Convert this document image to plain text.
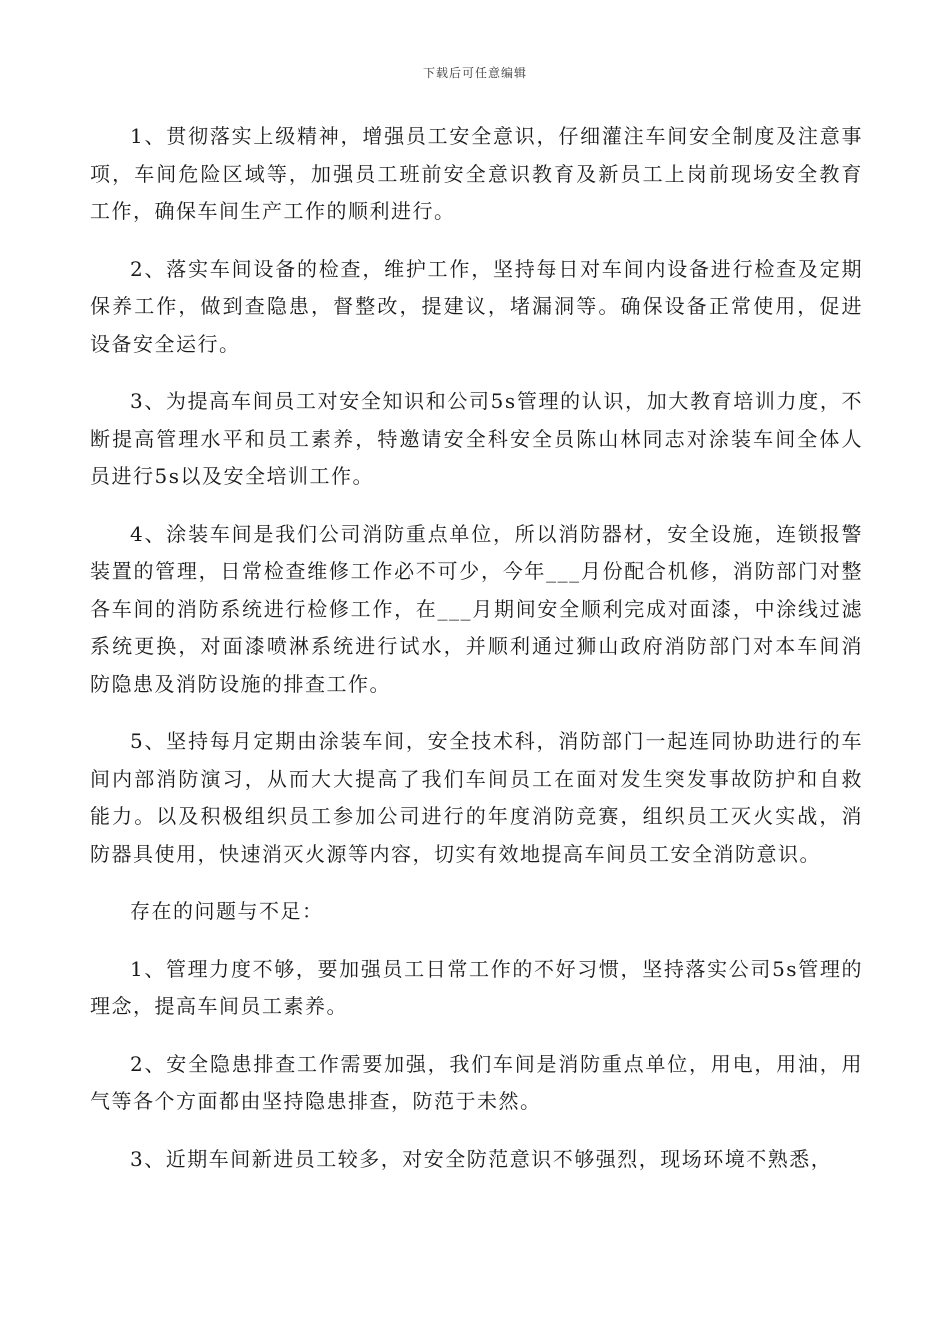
下载后可任意编辑

1、贯彻落实上级精神，增强员工安全意识，仔细灌注车间安全制度及注意事项，车间危险区域等，加强员工班前安全意识教育及新员工上岗前现场安全教育工作，确保车间生产工作的顺利进行。

2、落实车间设备的检查，维护工作，坚持每日对车间内设备进行检查及定期保养工作，做到查隐患，督整改，提建议，堵漏洞等。确保设备正常使用，促进设备安全运行。

3、为提高车间员工对安全知识和公司5s管理的认识，加大教育培训力度，不断提高管理水平和员工素养，特邀请安全科安全员陈山林同志对涂装车间全体人员进行5s以及安全培训工作。

4、涂装车间是我们公司消防重点单位，所以消防器材，安全设施，连锁报警装置的管理，日常检查维修工作必不可少，今年___月份配合机修，消防部门对整各车间的消防系统进行检修工作，在___月期间安全顺利完成对面漆，中涂线过滤系统更换，对面漆喷淋系统进行试水，并顺利通过狮山政府消防部门对本车间消防隐患及消防设施的排查工作。

5、坚持每月定期由涂装车间，安全技术科，消防部门一起连同协助进行的车间内部消防演习，从而大大提高了我们车间员工在面对发生突发事故防护和自救能力。以及积极组织员工参加公司进行的年度消防竞赛，组织员工灭火实战，消防器具使用，快速消灭火源等内容，切实有效地提高车间员工安全消防意识。

存在的问题与不足：

1、管理力度不够，要加强员工日常工作的不好习惯，坚持落实公司5s管理的理念，提高车间员工素养。

2、安全隐患排查工作需要加强，我们车间是消防重点单位，用电，用油，用气等各个方面都由坚持隐患排查，防范于未然。

3、近期车间新进员工较多，对安全防范意识不够强烈，现场环境不熟悉，
